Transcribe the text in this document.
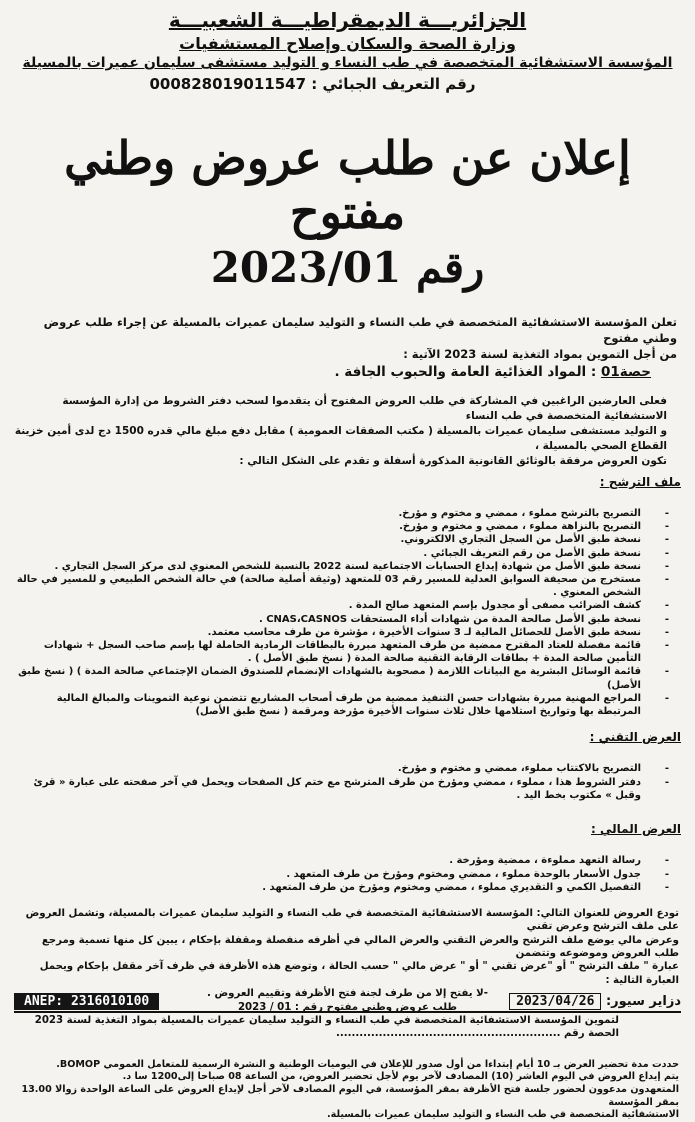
الجزائريـــة الديمقراطيـــة الشعبيـــة
وزارة الصحة والسكان وإصلاح المستشفيات
المؤسسة الاستشفائية المتخصصة في طب النساء و التوليد مستشفى سليمان عميرات بالمسيلة
رقم التعريف الجبائي : 000828019011547
إعلان عن طلب عروض وطني مفتوح
رقم 2023/01
تعلن المؤسسة الاستشفائية المتخصصة في طب النساء و التوليد سليمان عميرات بالمسيلة عن إجراء طلب عروض وطني مفتوح
من أجل التموين بمواد التغذية لسنة 2023 الآتية :
حصة01 : المواد الغذائية العامة والحبوب الجافة .
فعلى العارضين الراغبين في المشاركة في طلب العروض المفتوح أن يتقدموا لسحب دفتر الشروط من إدارة المؤسسة الاستشفائية المتخصصة في طب النساء
و التوليد مستشفى سليمان عميرات بالمسيلة ( مكتب الصفقات العمومية ) مقابل دفع مبلغ مالي قدره 1500 دج لدى أمين خزينة القطاع الصحي بالمسيلة ،
تكون العروض مرفقة بالوثائق القانونية المذكورة أسفلة و تقدم على الشكل التالي :
ملف الترشح :
- التصريح بالترشح مملوء ، ممضي و مختوم و مؤرخ.
- التصريح بالنزاهة مملوء ، ممضي و مختوم و مؤرخ.
- نسخة طبق الأصل من السجل التجاري الالكتروني.
- نسخة طبق الأصل من رقم التعريف الجبائي .
- نسخة طبق الأصل من شهادة إيداع الحسابات الاجتماعية لسنة 2022 بالنسبة للشخص المعنوي لدى مركز السجل التجاري .
- مستخرج من صحيفة السوابق العدلية للمسير رقم 03 للمتعهد (وثيقة أصلية صالحة) في حالة الشخص الطبيعي و للمسير في حالة الشخص المعنوي .
- كشف الضرائب مصفى أو مجدول بإسم المتعهد صالح المدة .
- نسخة طبق الأصل صالحة المدة من شهادات أداء المستحقات CNAS،CASNOS .
- نسخة طبق الأصل للحصائل المالية لـ 3 سنوات الأخيرة ، مؤشرة من طرف محاسب معتمد.
- قائمة مفصلة للعتاد المقترح ممضية من طرف المتعهد مبررة بالبطاقات الرمادية الحاملة لها بإسم صاحب السجل + شهادات التأمين صالحة المدة + بطاقات الرقابة التقنية صالحة المدة ( نسخ طبق الأصل ) .
- قائمة الوسائل البشرية مع البيانات اللازمة ( مصحوبة بالشهادات الإنضمام للصندوق الضمان الإجتماعي صالحة المدة ) ( نسخ طبق الأصل)
- المراجع المهنية مبررة بشهادات حسن التنفيذ ممضية من طرف أصحاب المشاريع تتضمن نوعية التموينات والمبالغ المالية المرتبطة بها وتواريخ استلامها خلال ثلاث سنوات الأخيرة مؤرخة ومرقمة ( نسخ طبق الأصل)
العرض التقني :
- التصريح بالاكتتاب مملوء، ممضي و مختوم و مؤرخ.
- دفتر الشروط هذا ، مملوء ، ممضي ومؤرخ من طرف المترشح مع ختم كل الصفحات ويحمل في آخر صفحته على عبارة « قرئ وقبل » مكتوب بخط اليد .
العرض المالي :
- رسالة التعهد مملوءة ، ممضية ومؤرخة .
- جدول الأسعار بالوحدة مملوء ، ممضي ومختوم ومؤرخ من طرف المتعهد .
- التفصيل الكمي و التقديري مملوء ، ممضي ومختوم ومؤرخ من طرف المتعهد .
تودع العروض للعنوان التالي: المؤسسة الاستشفائية المتخصصة في طب النساء و التوليد سليمان عميرات بالمسيلة، وتشمل العروض على ملف الترشح وعرض تقني
وعرض مالي يوضع ملف الترشح والعرض التقني والعرض المالي في أظرفه منفصلة ومقفلة بإحكام ، يبين كل منها تسمية ومرجع طلب العروض وموضوعه وتتضمن
عبارة " ملف الترشح " أو "عرض تقني " أو " عرض مالي " حسب الحالة ، وتوضع هذه الأظرفة في ظرف آخر مقفل بإحكام ويحمل العبارة التالية :
-لا يفتح إلا من طرف لجنة فتح الأظرفة وتقييم العروض .
طلب عروض وطني مفتوح رقم : 01 / 2023
لتموين المؤسسة الاستشفائية المتخصصة في طب النساء و التوليد سليمان عميرات بالمسيلة بمواد التغذية لسنة 2023
الحصة رقم ..........................................................
حددت مدة تحضير العرض بـ 10 أيام إبتداءا من أول صدور للإعلان في اليوميات الوطنية و النشرة الرسمية للمتعامل العمومي BOMOP.
يتم إيداع العروض في اليوم العاشر (10) المصادف لآخر يوم لأجل تحضير العروض، من الساعة 08 صباحا إلى1200 سا د.
المتعهدون مدعوون لحضور جلسة فتح الأظرفة بمقر المؤسسة، في اليوم المصادف لآخر أجل لإيداع العروض على الساعة الواحدة زوالا 13.00 بمقر المؤسسة
الاستشفائية المتخصصة في طب النساء و التوليد سليمان عميرات بالمسيلة.
دزاير سيور: 2023/04/26
ANEP: 2316010100
